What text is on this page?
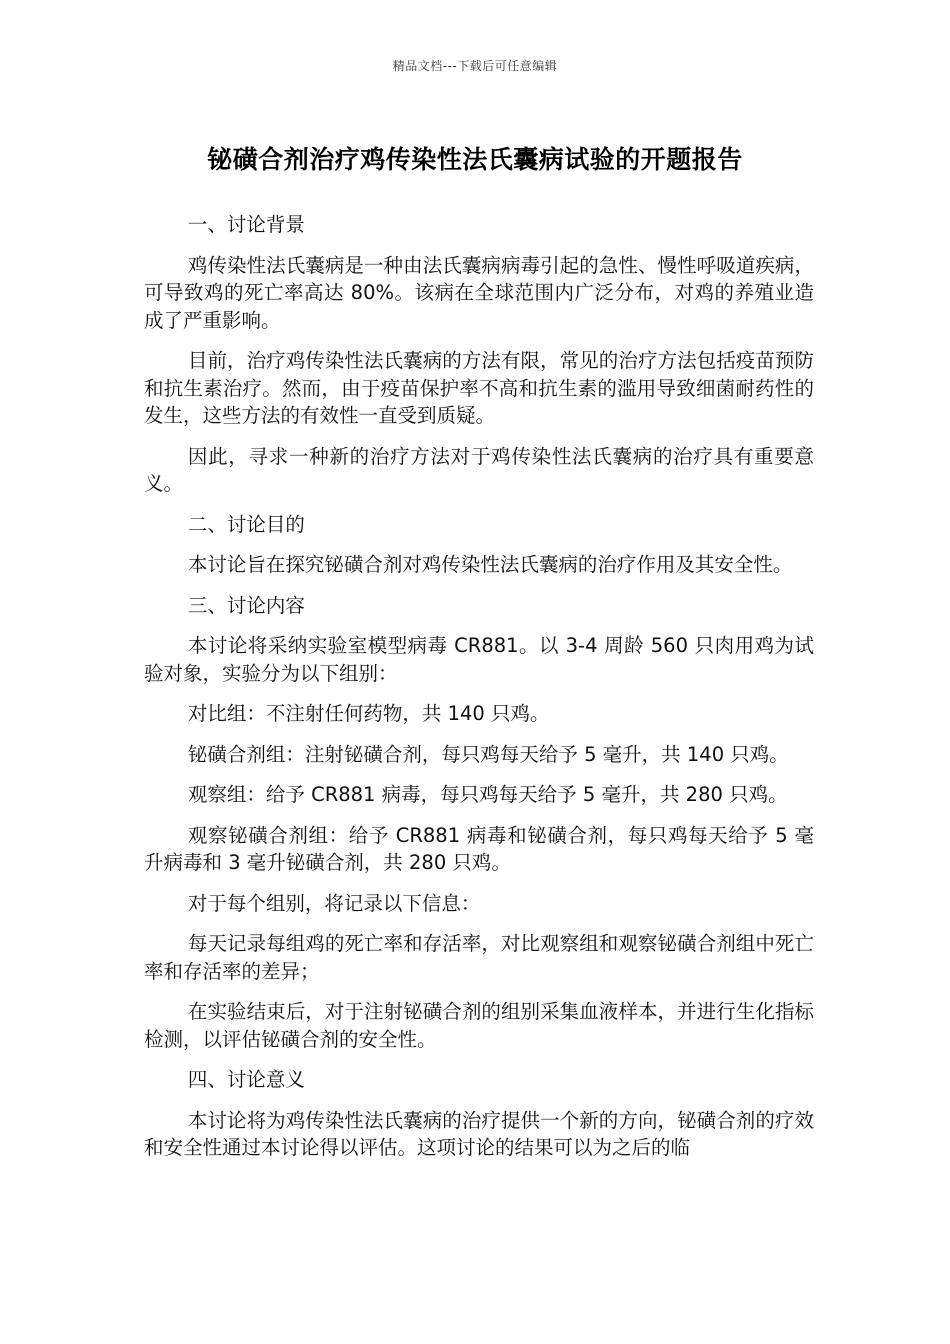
精品文档---下载后可任意编辑
铋磺合剂治疗鸡传染性法氏囊病试验的开题报告

一、讨论背景

鸡传染性法氏囊病是一种由法氏囊病病毒引起的急性、慢性呼吸道疾病，可导致鸡的死亡率高达 80%。该病在全球范围内广泛分布，对鸡的养殖业造成了严重影响。

目前，治疗鸡传染性法氏囊病的方法有限，常见的治疗方法包括疫苗预防和抗生素治疗。然而，由于疫苗保护率不高和抗生素的滥用导致细菌耐药性的发生，这些方法的有效性一直受到质疑。

因此，寻求一种新的治疗方法对于鸡传染性法氏囊病的治疗具有重要意义。

二、讨论目的

本讨论旨在探究铋磺合剂对鸡传染性法氏囊病的治疗作用及其安全性。

三、讨论内容

本讨论将采纳实验室模型病毒 CR881。以 3-4 周龄 560 只肉用鸡为试验对象，实验分为以下组别：

对比组：不注射任何药物，共 140 只鸡。

铋磺合剂组：注射铋磺合剂，每只鸡每天给予 5 毫升，共 140 只鸡。

观察组：给予 CR881 病毒，每只鸡每天给予 5 毫升，共 280 只鸡。

观察铋磺合剂组：给予 CR881 病毒和铋磺合剂，每只鸡每天给予 5 毫升病毒和 3 毫升铋磺合剂，共 280 只鸡。

对于每个组别，将记录以下信息：

每天记录每组鸡的死亡率和存活率，对比观察组和观察铋磺合剂组中死亡率和存活率的差异；

在实验结束后，对于注射铋磺合剂的组别采集血液样本，并进行生化指标检测，以评估铋磺合剂的安全性。

四、讨论意义

本讨论将为鸡传染性法氏囊病的治疗提供一个新的方向，铋磺合剂的疗效和安全性通过本讨论得以评估。这项讨论的结果可以为之后的临
